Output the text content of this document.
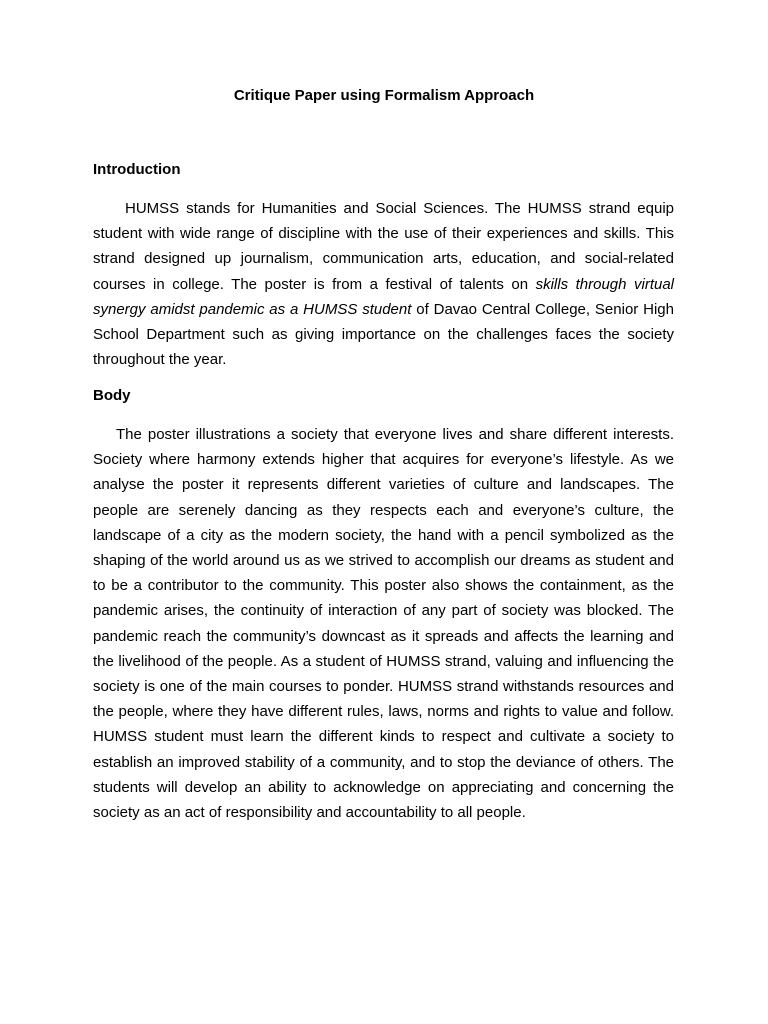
Critique Paper using Formalism Approach
Introduction

HUMSS stands for Humanities and Social Sciences. The HUMSS strand equip student with wide range of discipline with the use of their experiences and skills. This strand designed up journalism, communication arts, education, and social-related courses in college. The poster is from a festival of talents on skills through virtual synergy amidst pandemic as a HUMSS student of Davao Central College, Senior High School Department such as giving importance on the challenges faces the society throughout the year.

Body

The poster illustrations a society that everyone lives and share different interests. Society where harmony extends higher that acquires for everyone’s lifestyle. As we analyse the poster it represents different varieties of culture and landscapes. The people are serenely dancing as they respects each and everyone’s culture, the landscape of a city as the modern society, the hand with a pencil symbolized as the shaping of the world around us as we strived to accomplish our dreams as student and to be a contributor to the community. This poster also shows the containment, as the pandemic arises, the continuity of interaction of any part of society was blocked. The pandemic reach the community’s downcast as it spreads and affects the learning and the livelihood of the people. As a student of HUMSS strand, valuing and influencing the society is one of the main courses to ponder. HUMSS strand withstands resources and the people, where they have different rules, laws, norms and rights to value and follow. HUMSS student must learn the different kinds to respect and cultivate a society to establish an improved stability of a community, and to stop the deviance of others. The students will develop an ability to acknowledge on appreciating and concerning the society as an act of responsibility and accountability to all people.
